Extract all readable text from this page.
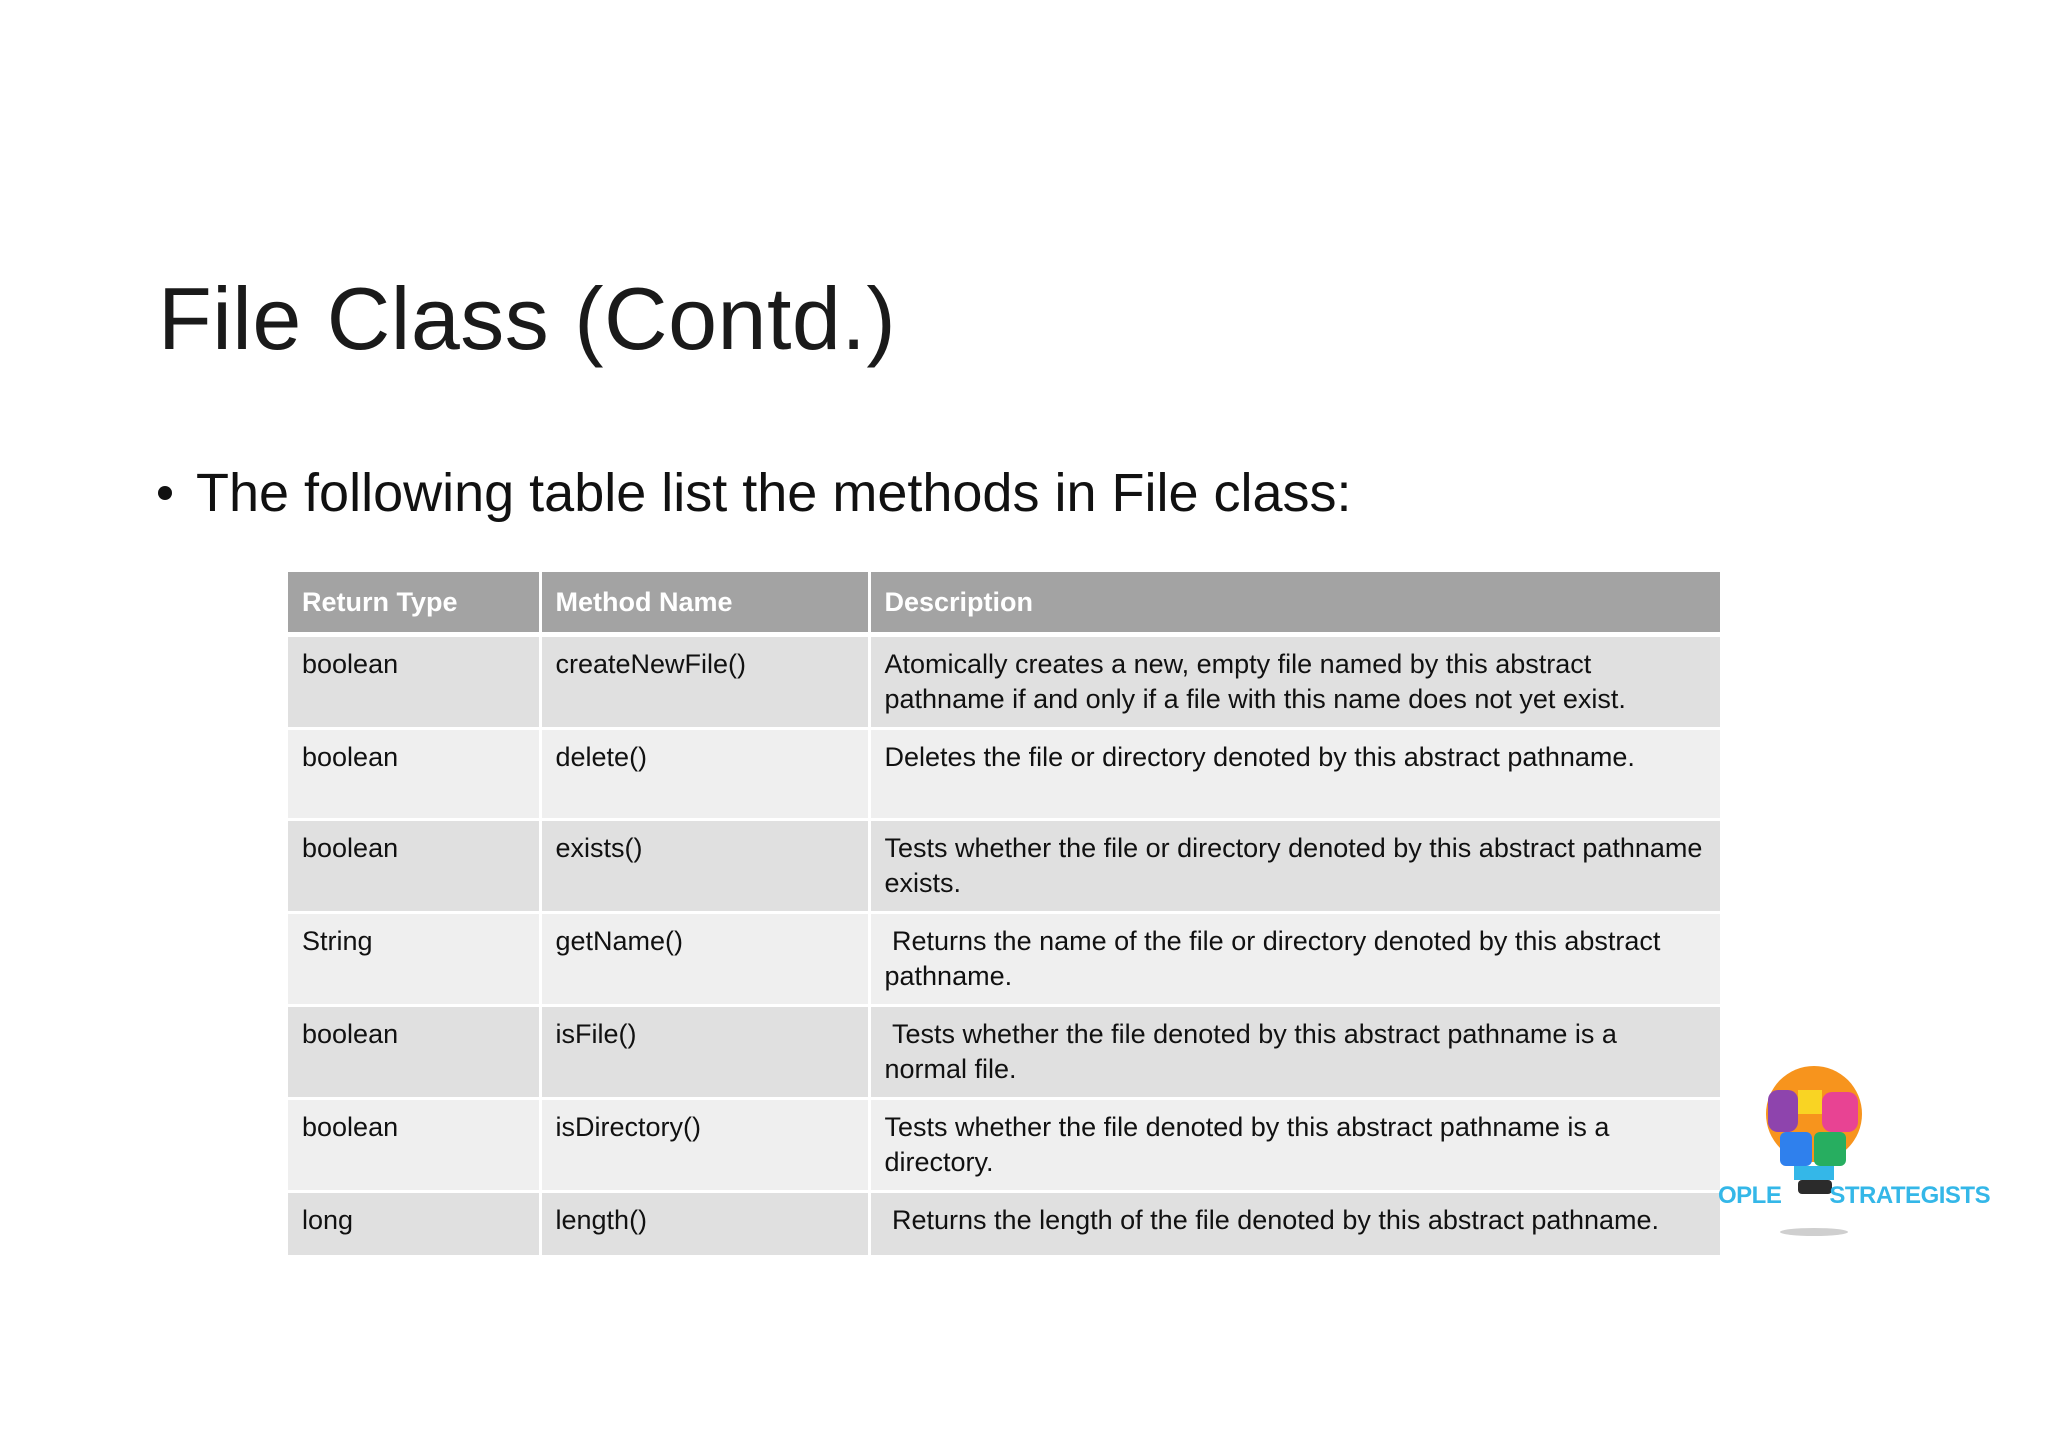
File Class (Contd.)
The following table list the methods in File class:
Return Type	Method Name	Description
boolean	createNewFile()	Atomically creates a new, empty file named by this abstract pathname if and only if a file with this name does not yet exist.
boolean	delete()	Deletes the file or directory denoted by this abstract pathname.
boolean	exists()	Tests whether the file or directory denoted by this abstract pathname exists.
String	getName()	Returns the name of the file or directory denoted by this abstract pathname.
boolean	isFile()	Tests whether the file denoted by this abstract pathname is a normal file.
boolean	isDirectory()	Tests whether the file denoted by this abstract pathname is a directory.
long	length()	Returns the length of the file denoted by this abstract pathname.
OPLE STRATEGISTS
